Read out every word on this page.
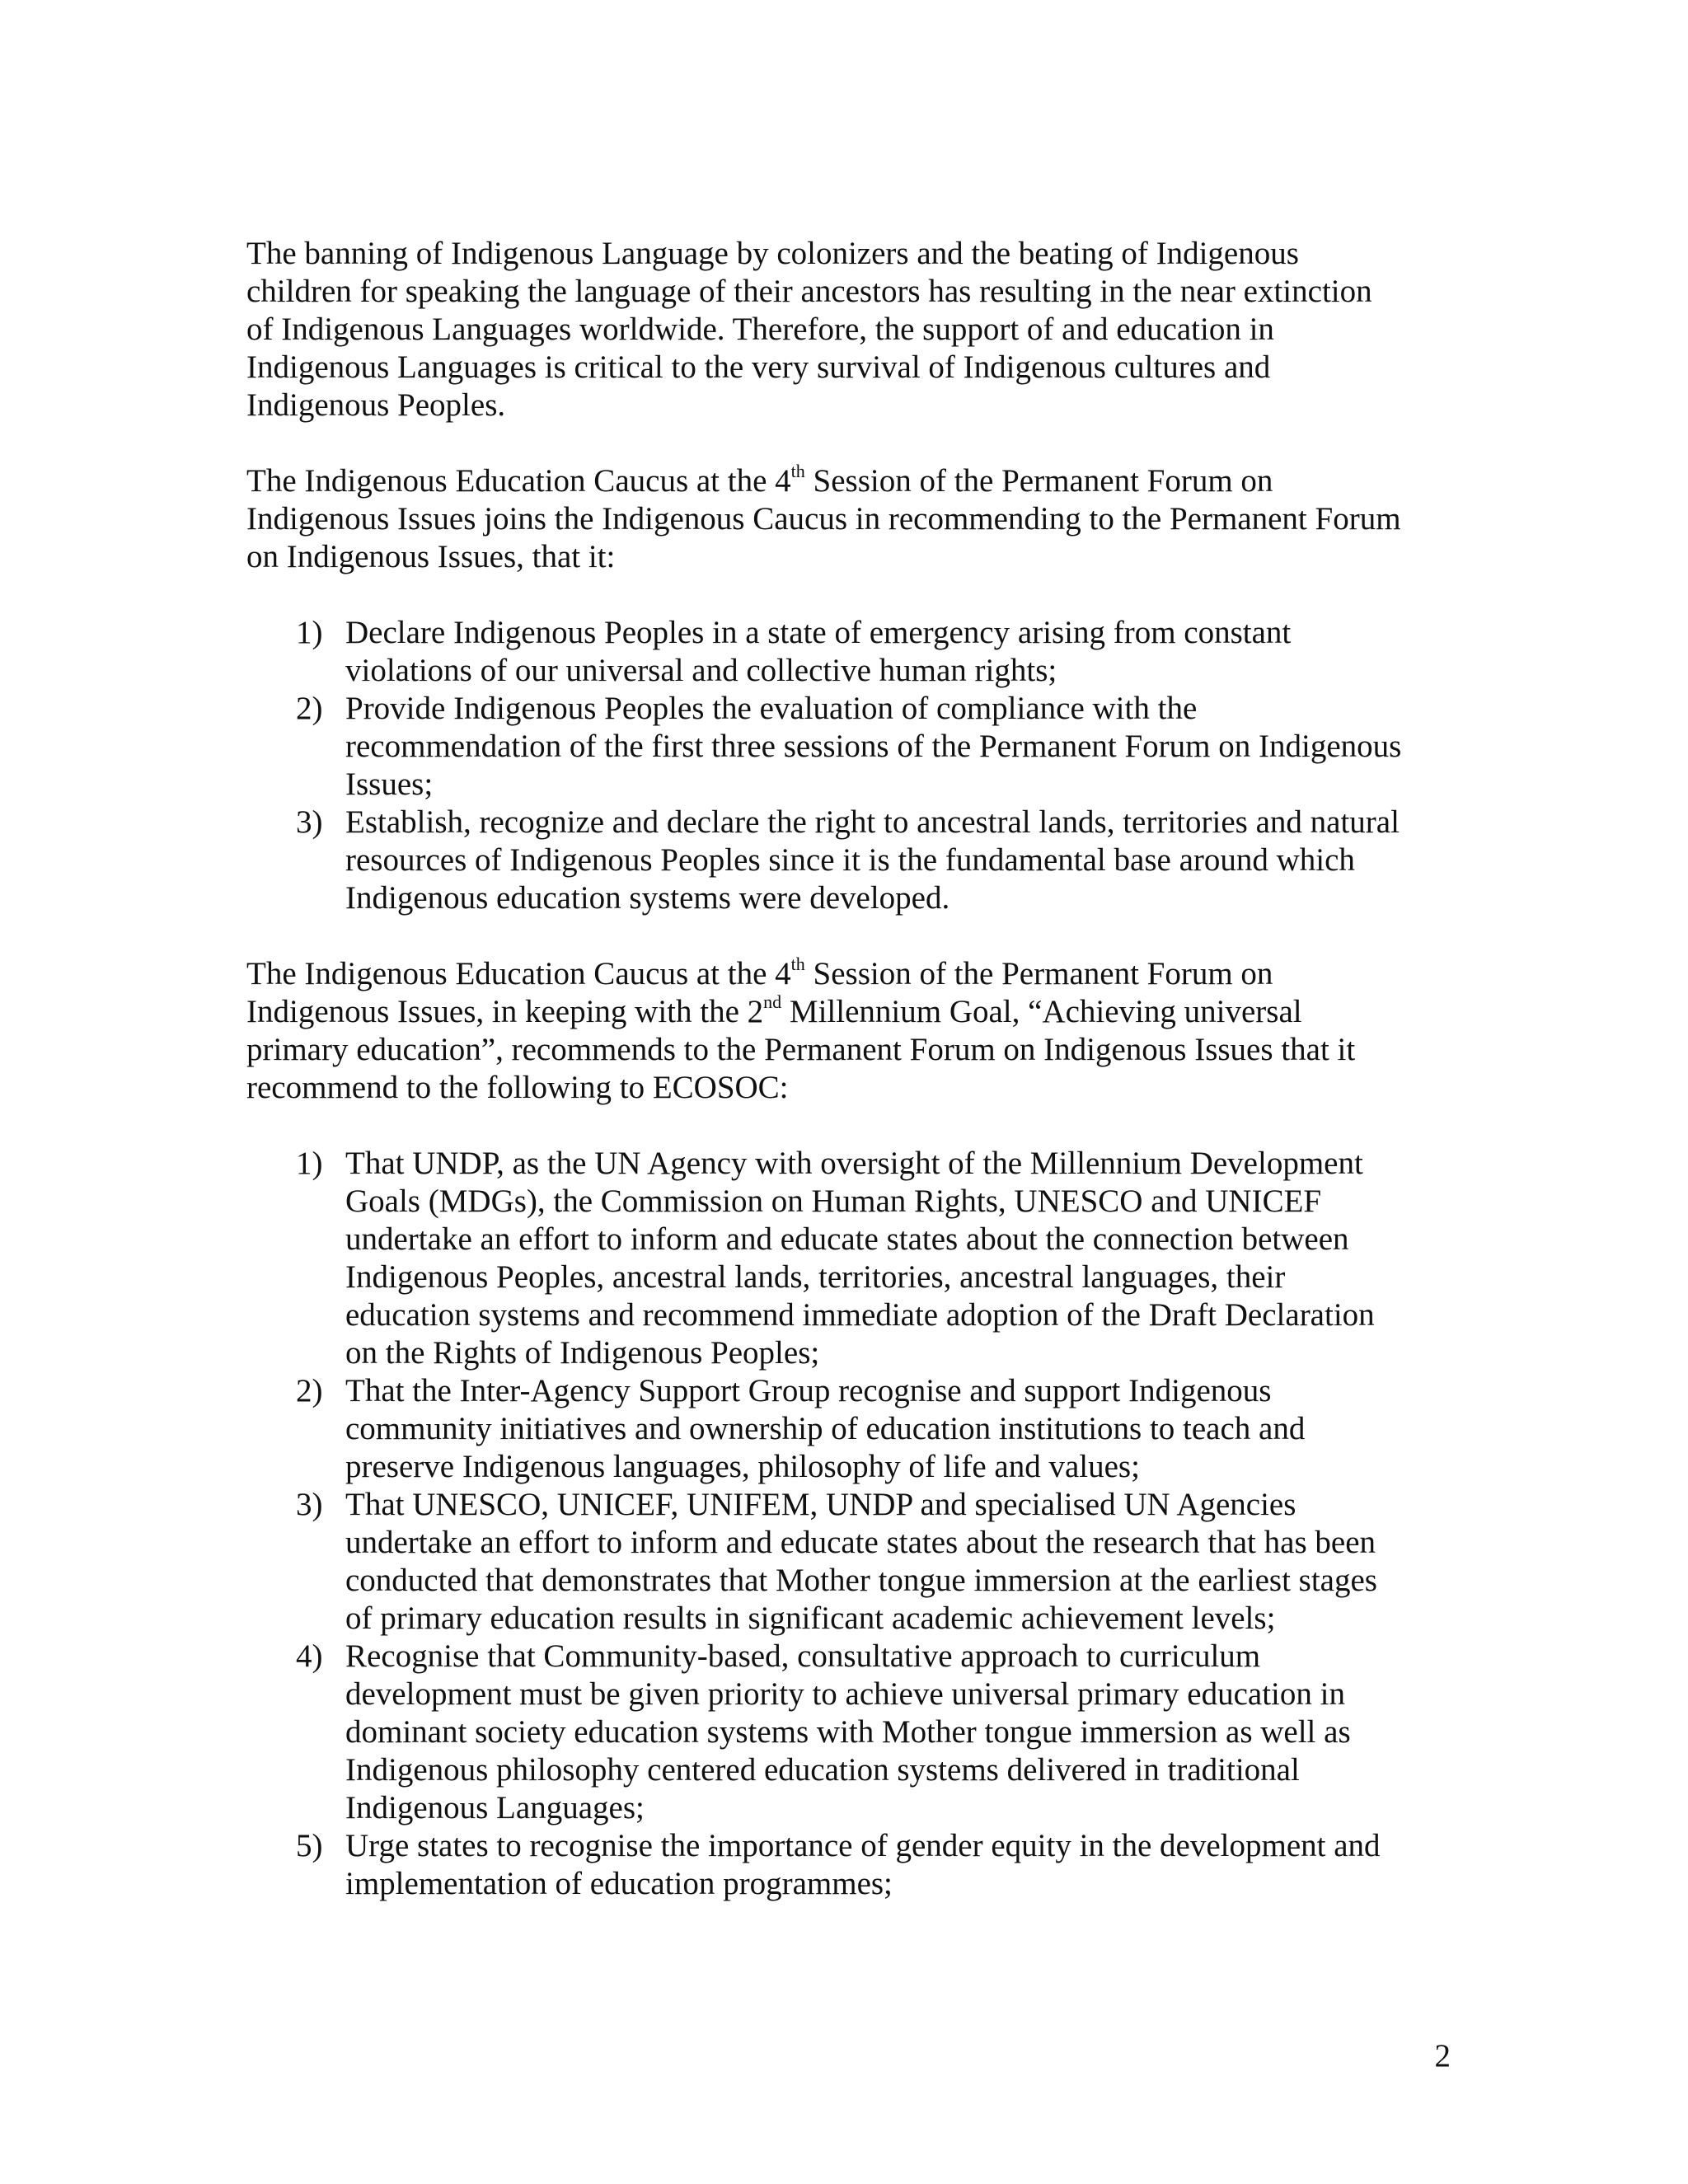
The banning of Indigenous Language by colonizers and the beating of Indigenous
children for speaking the language of their ancestors has resulting in the near extinction
of Indigenous Languages worldwide. Therefore, the support of and education in
Indigenous Languages is critical to the very survival of Indigenous cultures and
Indigenous Peoples.

The Indigenous Education Caucus at the 4th Session of the Permanent Forum on
Indigenous Issues joins the Indigenous Caucus in recommending to the Permanent Forum
on Indigenous Issues, that it:

1) Declare Indigenous Peoples in a state of emergency arising from constant
violations of our universal and collective human rights;
2) Provide Indigenous Peoples the evaluation of compliance with the
recommendation of the first three sessions of the Permanent Forum on Indigenous
Issues;
3) Establish, recognize and declare the right to ancestral lands, territories and natural
resources of Indigenous Peoples since it is the fundamental base around which
Indigenous education systems were developed.

The Indigenous Education Caucus at the 4th Session of the Permanent Forum on
Indigenous Issues, in keeping with the 2nd Millennium Goal, “Achieving universal
primary education”, recommends to the Permanent Forum on Indigenous Issues that it
recommend to the following to ECOSOC:

1) That UNDP, as the UN Agency with oversight of the Millennium Development
Goals (MDGs), the Commission on Human Rights, UNESCO and UNICEF
undertake an effort to inform and educate states about the connection between
Indigenous Peoples, ancestral lands, territories, ancestral languages, their
education systems and recommend immediate adoption of the Draft Declaration
on the Rights of Indigenous Peoples;
2) That the Inter-Agency Support Group recognise and support Indigenous
community initiatives and ownership of education institutions to teach and
preserve Indigenous languages, philosophy of life and values;
3) That UNESCO, UNICEF, UNIFEM, UNDP and specialised UN Agencies
undertake an effort to inform and educate states about the research that has been
conducted that demonstrates that Mother tongue immersion at the earliest stages
of primary education results in significant academic achievement levels;
4) Recognise that Community-based, consultative approach to curriculum
development must be given priority to achieve universal primary education in
dominant society education systems with Mother tongue immersion as well as
Indigenous philosophy centered education systems delivered in traditional
Indigenous Languages;
5) Urge states to recognise the importance of gender equity in the development and
implementation of education programmes;
2
